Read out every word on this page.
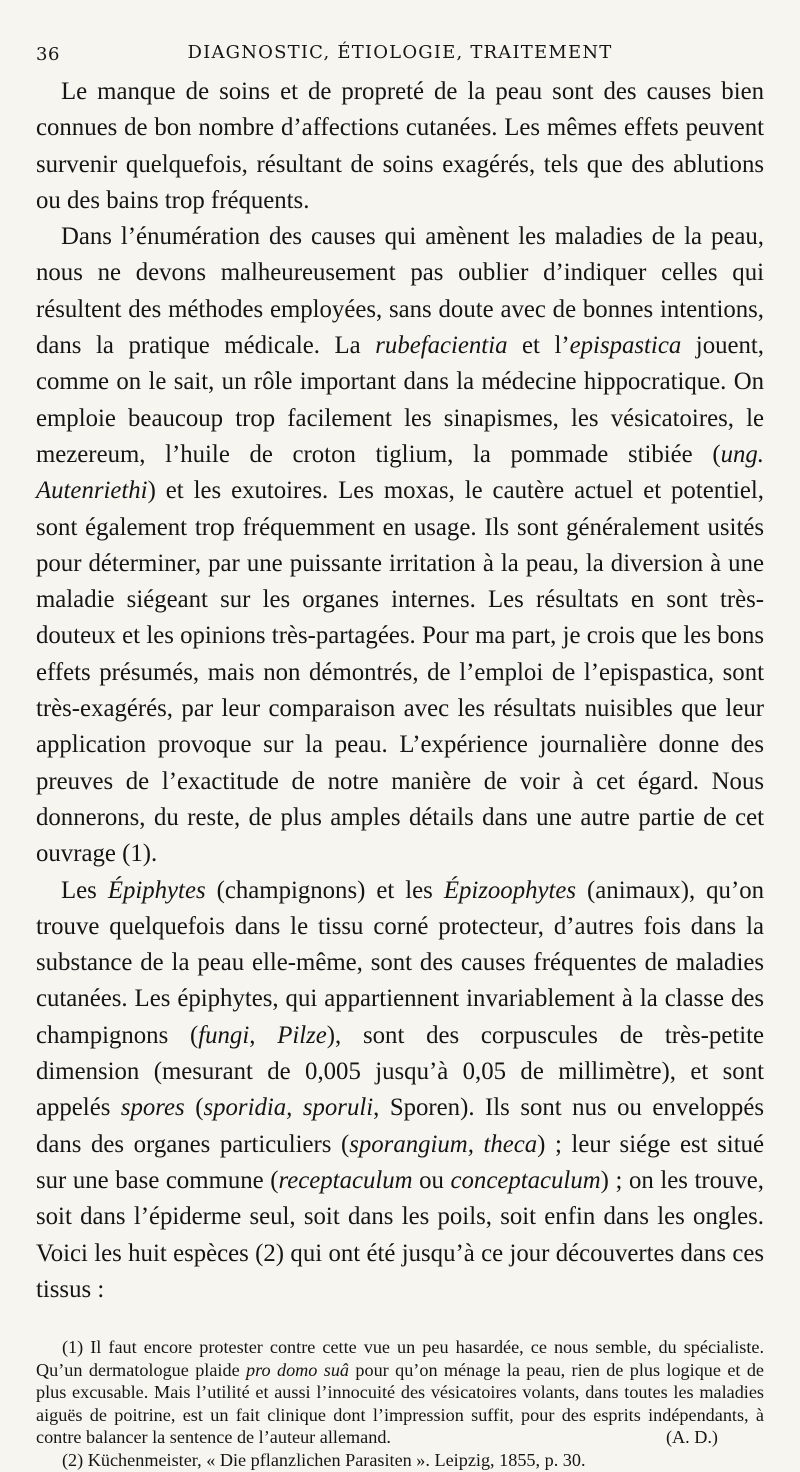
36	DIAGNOSTIC, ÉTIOLOGIE, TRAITEMENT

Le manque de soins et de propreté de la peau sont des causes bien connues de bon nombre d’affections cutanées. Les mêmes effets peuvent survenir quelquefois, résultant de soins exagérés, tels que des ablutions ou des bains trop fréquents.

Dans l’énumération des causes qui amènent les maladies de la peau, nous ne devons malheureusement pas oublier d’indiquer celles qui résultent des méthodes employées, sans doute avec de bonnes intentions, dans la pratique médicale. La rubefacientia et l’epispastica jouent, comme on le sait, un rôle important dans la médecine hippocratique. On emploie beaucoup trop facilement les sinapismes, les vésicatoires, le mezereum, l’huile de croton tiglium, la pommade stibiée (ung. Autenriethi) et les exutoires. Les moxas, le cautère actuel et potentiel, sont également trop fréquemment en usage. Ils sont généralement usités pour déterminer, par une puissante irritation à la peau, la diversion à une maladie siégeant sur les organes internes. Les résultats en sont très-douteux et les opinions très-partagées. Pour ma part, je crois que les bons effets présumés, mais non démontrés, de l’emploi de l’epispastica, sont très-exagérés, par leur comparaison avec les résultats nuisibles que leur application provoque sur la peau. L’expérience journalière donne des preuves de l’exactitude de notre manière de voir à cet égard. Nous donnerons, du reste, de plus amples détails dans une autre partie de cet ouvrage (1).

Les Épiphytes (champignons) et les Épizoophytes (animaux), qu’on trouve quelquefois dans le tissu corné protecteur, d’autres fois dans la substance de la peau elle-même, sont des causes fréquentes de maladies cutanées. Les épiphytes, qui appartiennent invariablement à la classe des champignons (fungi, Pilze), sont des corpuscules de très-petite dimension (mesurant de 0,005 jusqu’à 0,05 de millimètre), et sont appelés spores (sporidia, sporuli, Sporen). Ils sont nus ou enveloppés dans des organes particuliers (sporangium, theca) ; leur siége est situé sur une base commune (receptaculum ou conceptaculum) ; on les trouve, soit dans l’épiderme seul, soit dans les poils, soit enfin dans les ongles. Voici les huit espèces (2) qui ont été jusqu’à ce jour découvertes dans ces tissus :

(1) Il faut encore protester contre cette vue un peu hasardée, ce nous semble, du spécialiste. Qu’un dermatologue plaide pro domo suâ pour qu’on ménage la peau, rien de plus logique et de plus excusable. Mais l’utilité et aussi l’innocuité des vésicatoires volants, dans toutes les maladies aiguës de poitrine, est un fait clinique dont l’impression suffit, pour des esprits indépendants, à contre balancer la sentence de l’auteur allemand.	(A. D.)

(2) Küchenmeister, « Die pflanzlichen Parasiten ». Leipzig, 1855, p. 30.
